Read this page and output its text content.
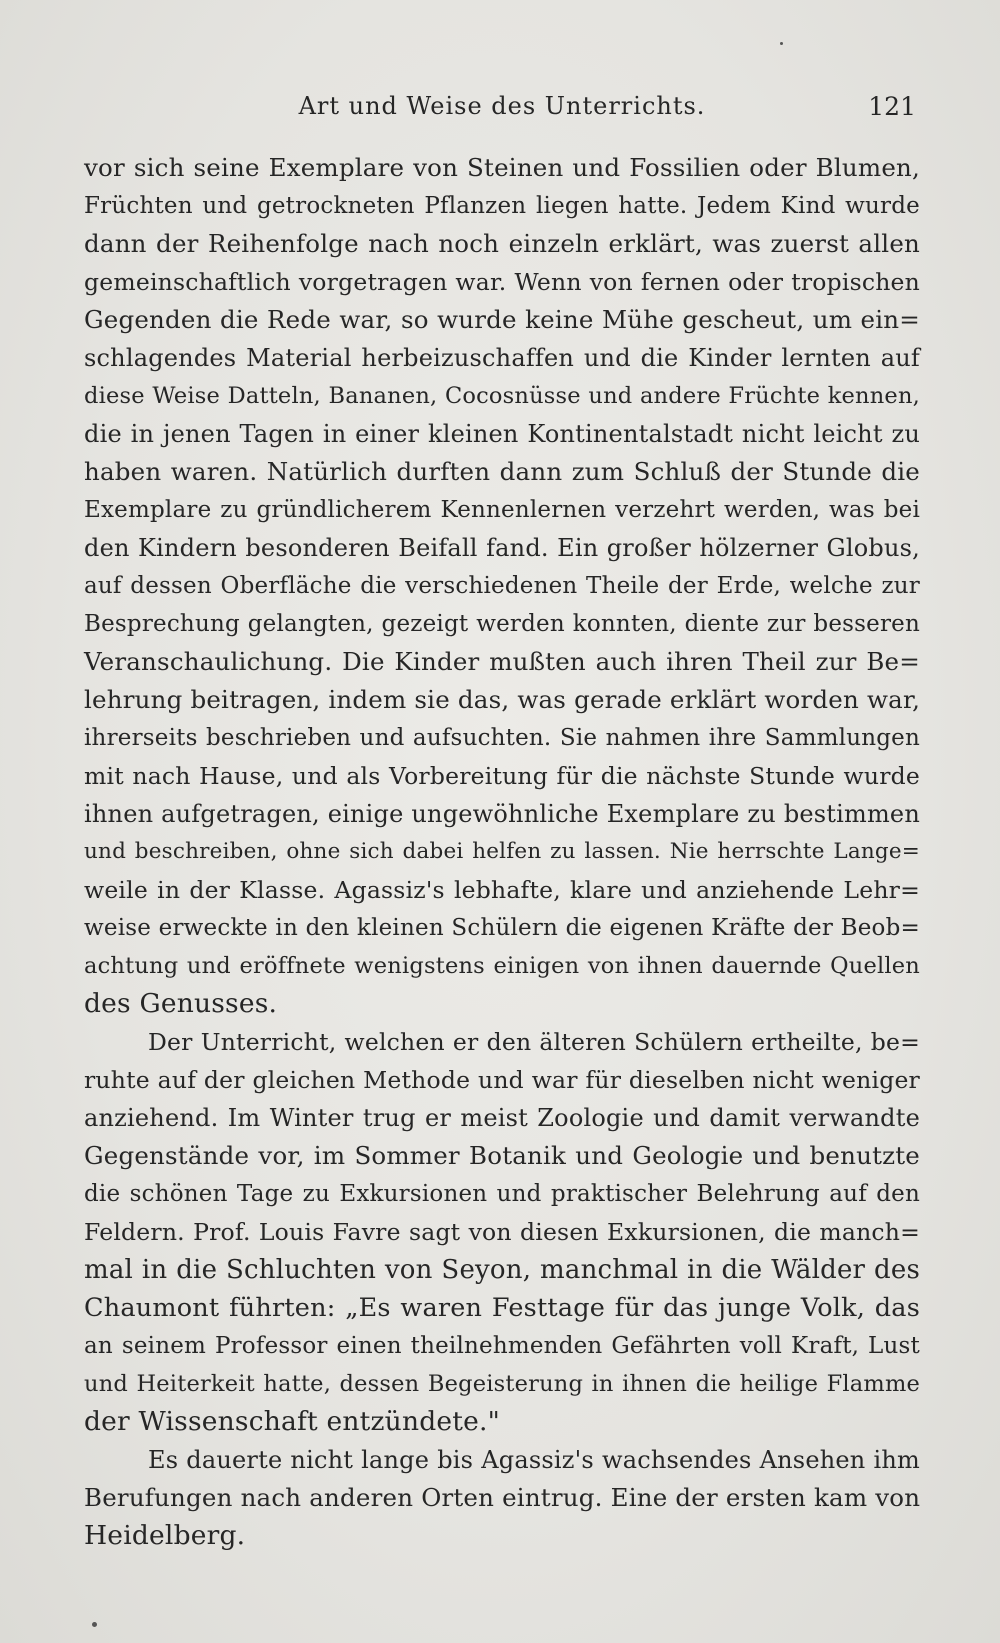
Art und Weise des Unterrichts.	121
vor sich seine Exemplare von Steinen und Fossilien oder Blumen,
Früchten und getrockneten Pflanzen liegen hatte. Jedem Kind wurde
dann der Reihenfolge nach noch einzeln erklärt, was zuerst allen
gemeinschaftlich vorgetragen war. Wenn von fernen oder tropischen
Gegenden die Rede war, so wurde keine Mühe gescheut, um ein=
schlagendes Material herbeizuschaffen und die Kinder lernten auf
diese Weise Datteln, Bananen, Cocosnüsse und andere Früchte kennen,
die in jenen Tagen in einer kleinen Kontinentalstadt nicht leicht zu
haben waren. Natürlich durften dann zum Schluß der Stunde die
Exemplare zu gründlicherem Kennenlernen verzehrt werden, was bei
den Kindern besonderen Beifall fand. Ein großer hölzerner Globus,
auf dessen Oberfläche die verschiedenen Theile der Erde, welche zur
Besprechung gelangten, gezeigt werden konnten, diente zur besseren
Veranschaulichung. Die Kinder mußten auch ihren Theil zur Be=
lehrung beitragen, indem sie das, was gerade erklärt worden war,
ihrerseits beschrieben und aufsuchten. Sie nahmen ihre Sammlungen
mit nach Hause, und als Vorbereitung für die nächste Stunde wurde
ihnen aufgetragen, einige ungewöhnliche Exemplare zu bestimmen
und beschreiben, ohne sich dabei helfen zu lassen. Nie herrschte Lange=
weile in der Klasse. Agassiz's lebhafte, klare und anziehende Lehr=
weise erweckte in den kleinen Schülern die eigenen Kräfte der Beob=
achtung und eröffnete wenigstens einigen von ihnen dauernde Quellen
des Genusses.
Der Unterricht, welchen er den älteren Schülern ertheilte, be=
ruhte auf der gleichen Methode und war für dieselben nicht weniger
anziehend. Im Winter trug er meist Zoologie und damit verwandte
Gegenstände vor, im Sommer Botanik und Geologie und benutzte
die schönen Tage zu Exkursionen und praktischer Belehrung auf den
Feldern. Prof. Louis Favre sagt von diesen Exkursionen, die manch=
mal in die Schluchten von Seyon, manchmal in die Wälder des
Chaumont führten: „Es waren Festtage für das junge Volk, das
an seinem Professor einen theilnehmenden Gefährten voll Kraft, Lust
und Heiterkeit hatte, dessen Begeisterung in ihnen die heilige Flamme
der Wissenschaft entzündete."
Es dauerte nicht lange bis Agassiz's wachsendes Ansehen ihm
Berufungen nach anderen Orten eintrug. Eine der ersten kam von
Heidelberg.
